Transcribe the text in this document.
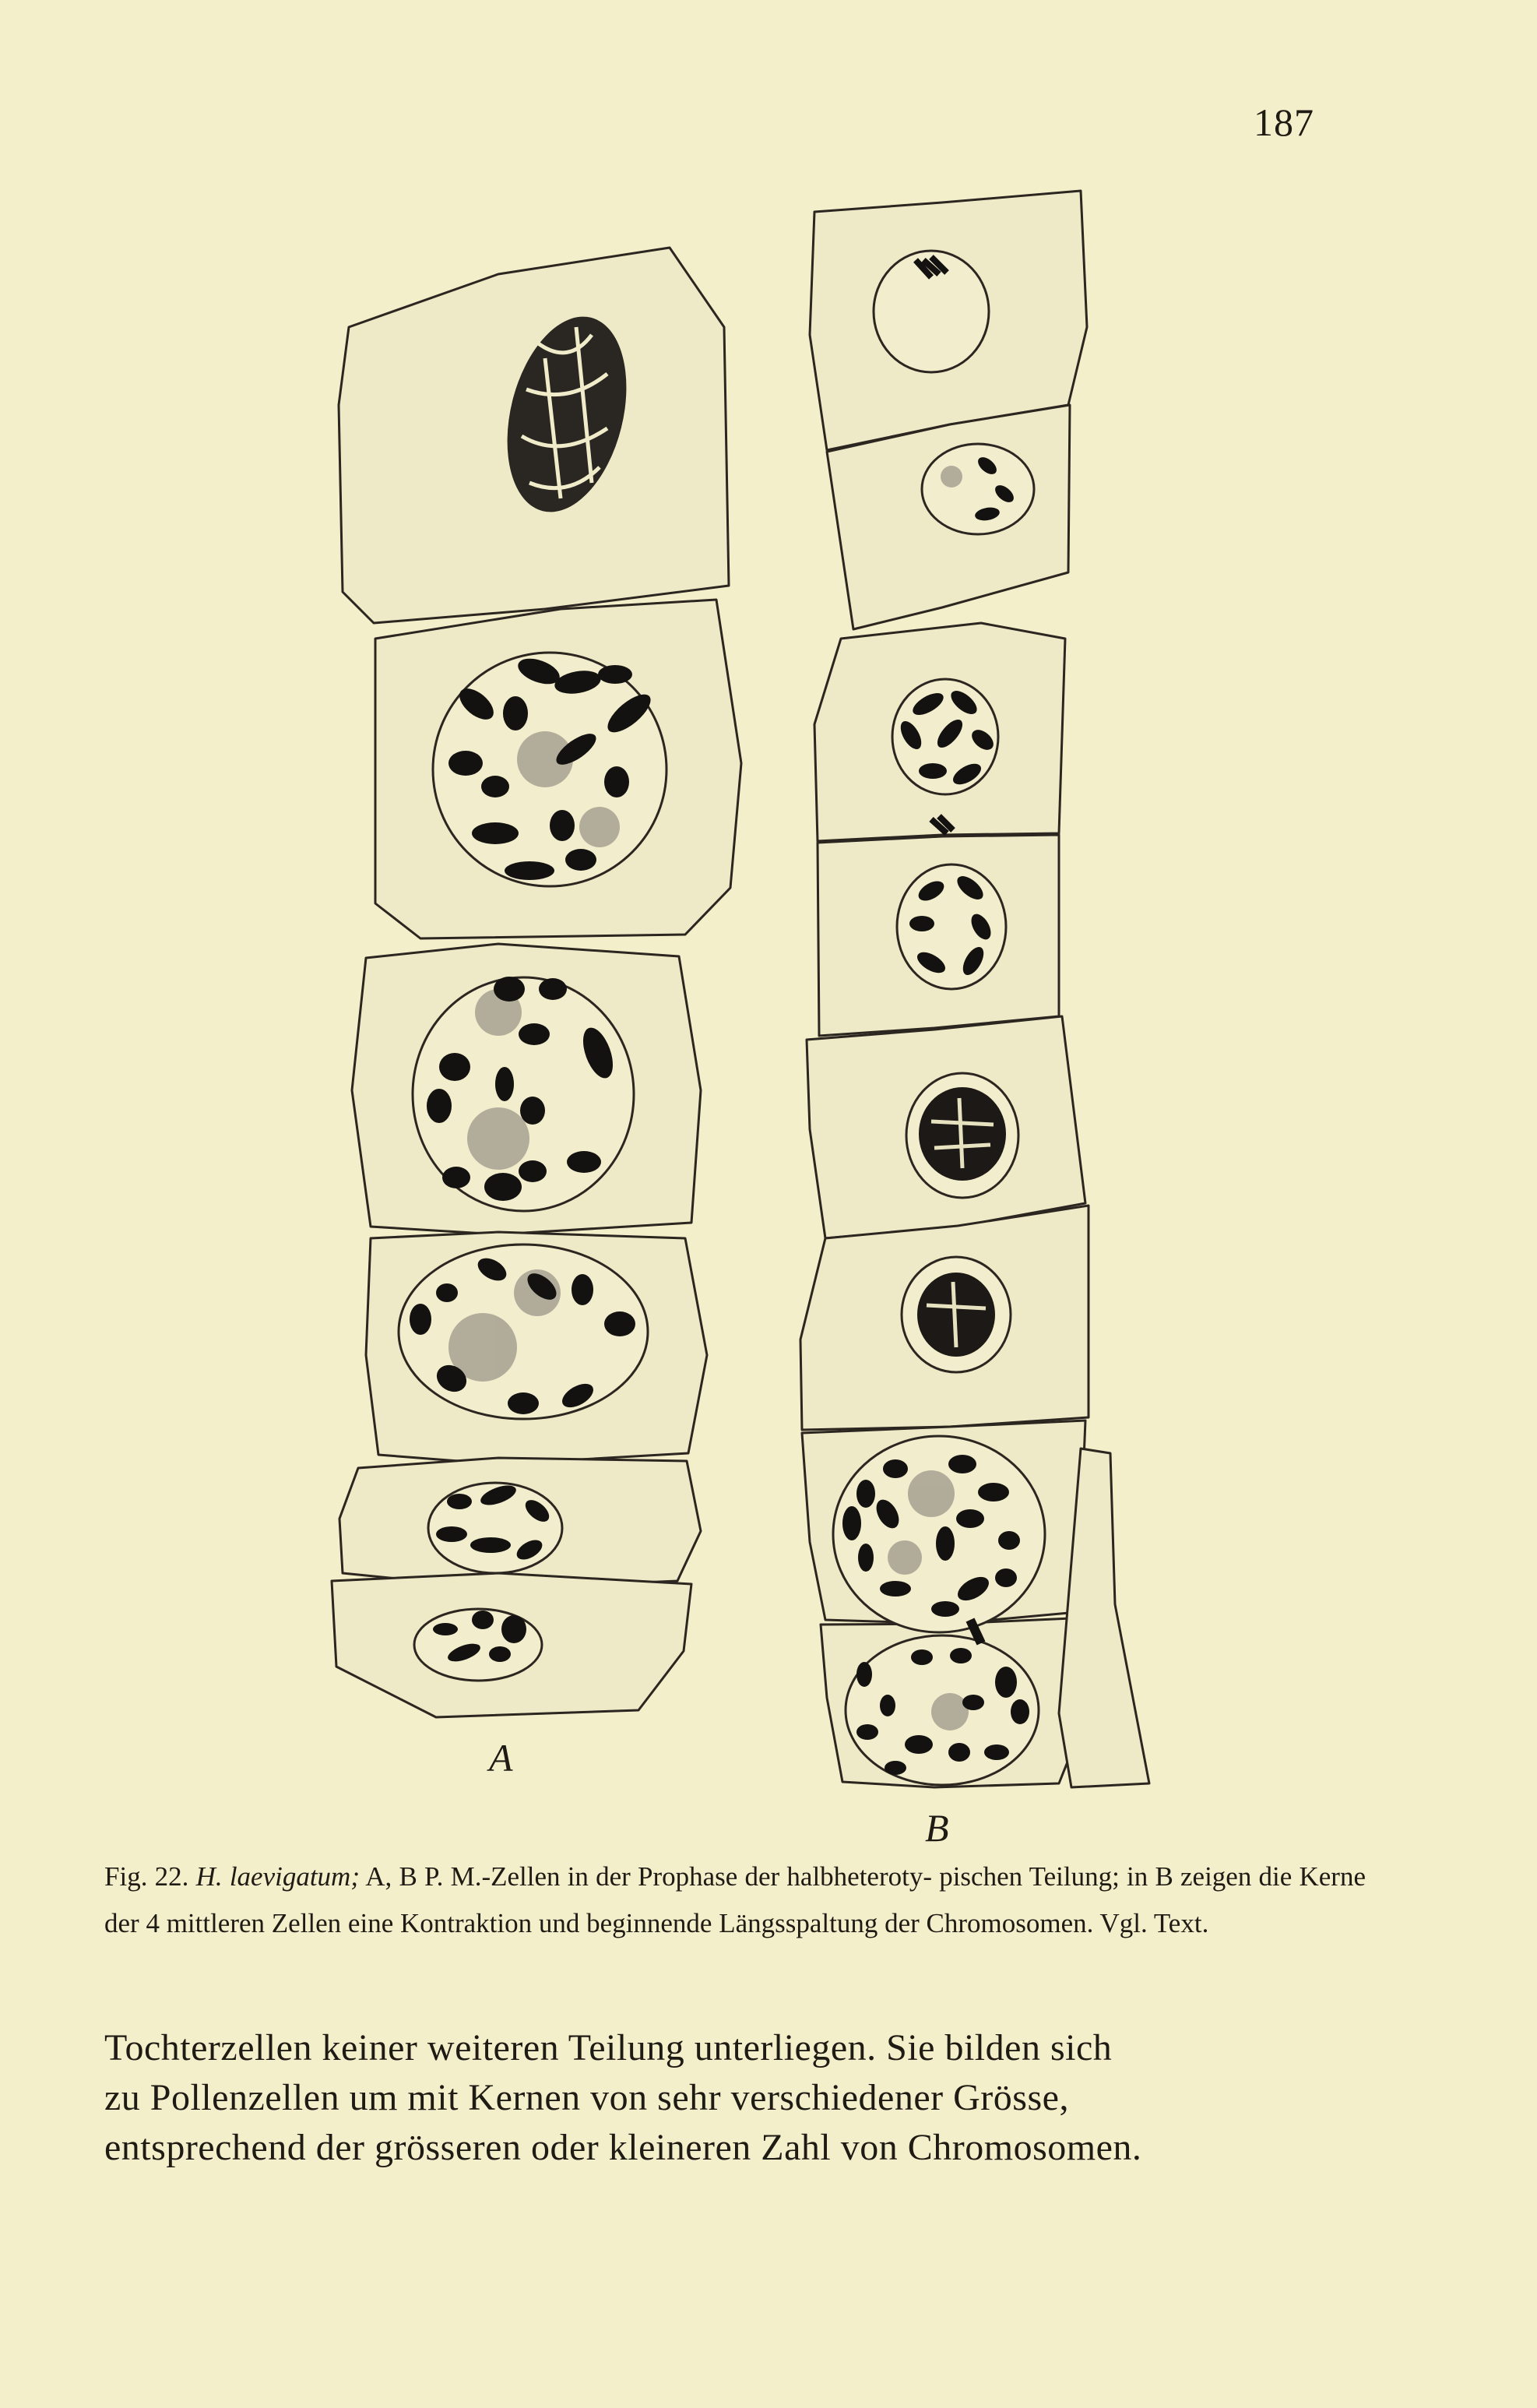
187
A
B
Fig. 22. H. laevigatum; A, B P. M.-Zellen in der Prophase der halbheteroty- pischen Teilung; in B zeigen die Kerne der 4 mittleren Zellen eine Kontraktion und beginnende Längsspaltung der Chromosomen. Vgl. Text.

Tochterzellen keiner weiteren Teilung unterliegen. Sie bilden sich

zu Pollenzellen um mit Kernen von sehr verschiedener Grösse,

entsprechend der grösseren oder kleineren Zahl von Chromosomen.
